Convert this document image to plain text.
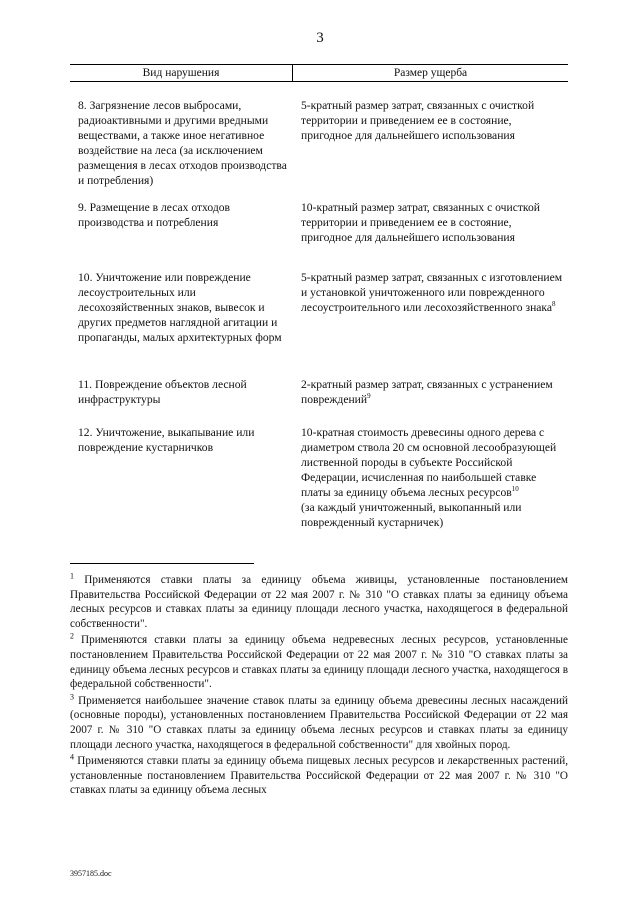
3
Вид нарушения	Размер ущерба
8. Загрязнение лесов выбросами, радиоактивными и другими вредными веществами, а также иное негативное воздействие на леса (за исключением размещения в лесах отходов производства и потребления)
5-кратный размер затрат, связанных с очисткой территории и приведением ее в состояние, пригодное для дальнейшего использования
9. Размещение в лесах отходов производства и потребления
10-кратный размер затрат, связанных с очисткой территории и приведением ее в состояние, пригодное для дальнейшего использования
10. Уничтожение или повреждение лесоустроительных или лесохозяйственных знаков, вывесок и других предметов наглядной агитации и пропаганды, малых архитектурных форм
5-кратный размер затрат, связанных с изготовлением и установкой уничтоженного или поврежденного лесоустроительного или лесохозяйственного знака$^8$
11. Повреждение объектов лесной инфраструктуры
2-кратный размер затрат, связанных с устранением повреждений$^9$
12. Уничтожение, выкапывание или повреждение кустарничков
10-кратная стоимость древесины одного дерева с диаметром ствола 20 см основной лесообразующей лиственной породы в субъекте Российской Федерации, исчисленная по наибольшей ставке платы за единицу объема лесных ресурсов$^{10}$
(за каждый уничтоженный, выкопанный или поврежденный кустарничек)

$^1$ Применяются ставки платы за единицу объема живицы, установленные постановлением Правительства Российской Федерации от 22 мая 2007 г. № 310 "О ставках платы за единицу объема лесных ресурсов и ставках платы за единицу площади лесного участка, находящегося в федеральной собственности".

$^2$ Применяются ставки платы за единицу объема недревесных лесных ресурсов, установленные постановлением Правительства Российской Федерации от 22 мая 2007 г. № 310 "О ставках платы за единицу объема лесных ресурсов и ставках платы за единицу площади лесного участка, находящегося в федеральной собственности".

$^3$ Применяется наибольшее значение ставок платы за единицу объема древесины лесных насаждений (основные породы), установленных постановлением Правительства Российской Федерации от 22 мая 2007 г. № 310 "О ставках платы за единицу объема лесных ресурсов и ставках платы за единицу площади лесного участка, находящегося в федеральной собственности" для хвойных пород.

$^4$ Применяются ставки платы за единицу объема пищевых лесных ресурсов и лекарственных растений, установленные постановлением Правительства Российской Федерации от 22 мая 2007 г. № 310 "О ставках платы за единицу объема лесных

3957185.doc
